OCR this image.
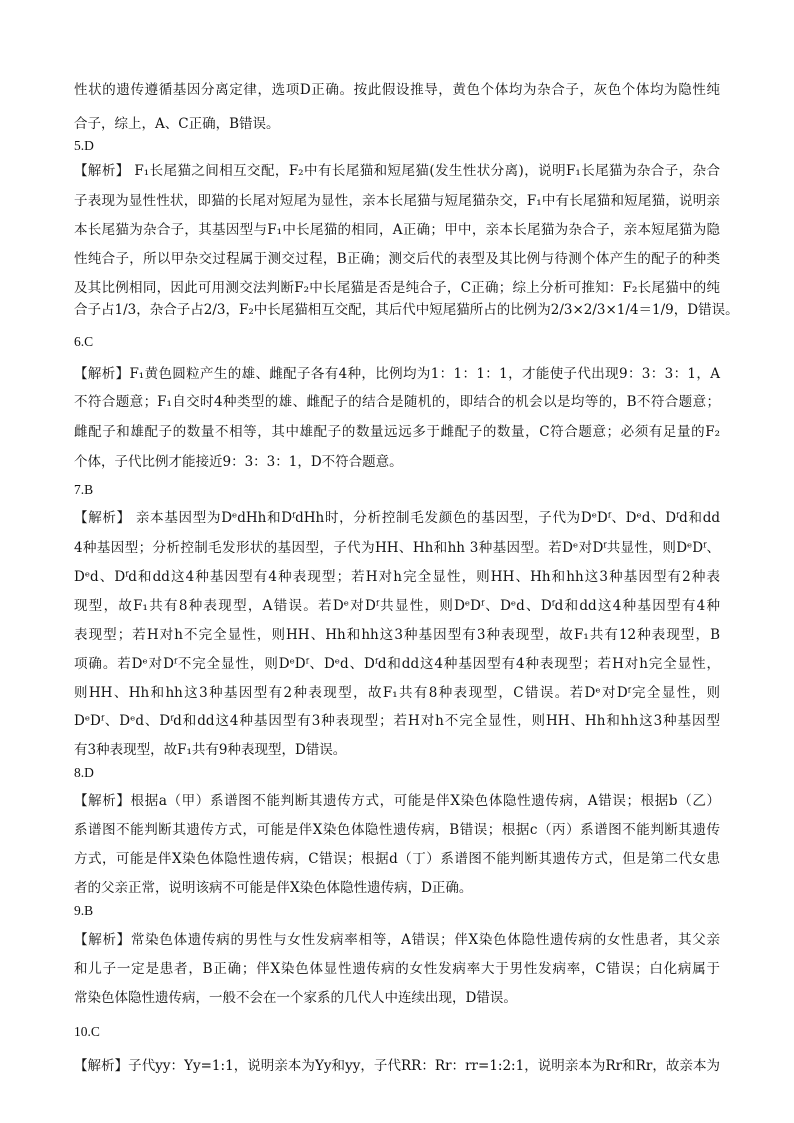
性状的遗传遵循基因分离定律，选项D正确。按此假设推导，黄色个体均为杂合子，灰色个体均为隐性纯
合子，综上，A、C正确，B错误。
5.D
【解析】 F₁长尾猫之间相互交配，F₂中有长尾猫和短尾猫(发生性状分离)，说明F₁长尾猫为杂合子，杂合
子表现为显性性状，即猫的长尾对短尾为显性，亲本长尾猫与短尾猫杂交，F₁中有长尾猫和短尾猫，说明亲
本长尾猫为杂合子，其基因型与F₁中长尾猫的相同，A正确；甲中，亲本长尾猫为杂合子，亲本短尾猫为隐
性纯合子，所以甲杂交过程属于测交过程，B正确；测交后代的表型及其比例与待测个体产生的配子的种类
及其比例相同，因此可用测交法判断F₂中长尾猫是否是纯合子，C正确；综上分析可推知：F₂长尾猫中的纯
合子占1/3，杂合子占2/3，F₂中长尾猫相互交配，其后代中短尾猫所占的比例为2/3×2/3×1/4＝1/9，D错误。
6.C
【解析】F₁黄色圆粒产生的雄、雌配子各有4种，比例均为1：1：1：1，才能使子代出现9：3：3：1，A
不符合题意；F₁自交时4种类型的雄、雌配子的结合是随机的，即结合的机会以是均等的，B不符合题意；
雌配子和雄配子的数量不相等，其中雄配子的数量远远多于雌配子的数量，C符合题意；必须有足量的F₂
个体，子代比例才能接近9：3：3：1，D不符合题意。
7.B
【解析】 亲本基因型为DᵉdHh和DᶠdHh时，分析控制毛发颜色的基因型，子代为DᵉDᶠ、Dᵉd、Dᶠd和dd
4种基因型；分析控制毛发形状的基因型，子代为HH、Hh和hh 3种基因型。若Dᵉ对Dᶠ共显性，则DᵉDᶠ、
Dᵉd、Dᶠd和dd这4种基因型有4种表现型；若H对h完全显性，则HH、Hh和hh这3种基因型有2种表
现型，故F₁共有8种表现型，A错误。若Dᵉ对Dᶠ共显性，则DᵉDᶠ、Dᵉd、Dᶠd和dd这4种基因型有4种
表现型；若H对h不完全显性，则HH、Hh和hh这3种基因型有3种表现型，故F₁共有12种表现型，B
项确。若Dᵉ对Dᶠ不完全显性，则DᵉDᶠ、Dᵉd、Dᶠd和dd这4种基因型有4种表现型；若H对h完全显性，
则HH、Hh和hh这3种基因型有2种表现型，故F₁共有8种表现型，C错误。若Dᵉ对Dᶠ完全显性，则
DᵉDᶠ、Dᵉd、Dᶠd和dd这4种基因型有3种表现型；若H对h不完全显性，则HH、Hh和hh这3种基因型
有3种表现型，故F₁共有9种表现型，D错误。
8.D
【解析】根据a（甲）系谱图不能判断其遗传方式，可能是伴X染色体隐性遗传病，A错误；根据b（乙）
系谱图不能判断其遗传方式，可能是伴X染色体隐性遗传病，B错误；根据c（丙）系谱图不能判断其遗传
方式，可能是伴X染色体隐性遗传病，C错误；根据d（丁）系谱图不能判断其遗传方式，但是第二代女患
者的父亲正常，说明该病不可能是伴X染色体隐性遗传病，D正确。
9.B
【解析】常染色体遗传病的男性与女性发病率相等，A错误；伴X染色体隐性遗传病的女性患者，其父亲
和儿子一定是患者，B正确；伴X染色体显性遗传病的女性发病率大于男性发病率，C错误；白化病属于
常染色体隐性遗传病，一般不会在一个家系的几代人中连续出现，D错误。
10.C
【解析】子代yy：Yy=1:1，说明亲本为Yy和yy，子代RR：Rr：rr=1:2:1，说明亲本为Rr和Rr，故亲本为
